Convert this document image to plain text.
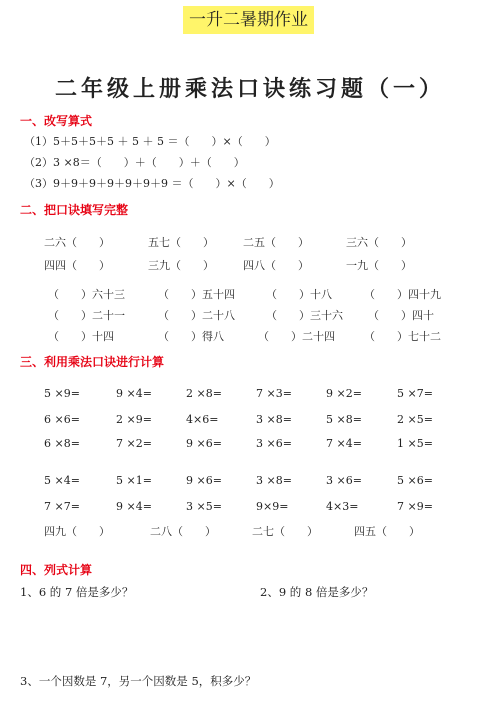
一升二暑期作业
二年级上册乘法口诀练习题（一）
一、改写算式
（1）5＋5＋5＋5 ＋ 5 ＋ 5 ＝（　　）×（　　）
（2）3 ×8＝（　　）＋（　　）＋（　　）
（3）9＋9＋9＋9＋9＋9＋9 ＝（　　）×（　　）
二、把口诀填写完整
二六（　　）	五七（　　）	二五（　　）	三六（　　）
四四（　　）	三九（　　）	四八（　　）	一九（　　）
（　　）六十三	（　　）五十四	（　　）十八	（　　）四十九
（　　）二十一	（　　）二十八	（　　）三十六 （　　）四十
（　　）十四	（　　）得八	（　　）二十四	（　　）七十二
三、利用乘法口诀进行计算
5 ×9=	9 ×4=	2 ×8=	7 ×3=	9 ×2=	5 ×7=
6 ×6=	2 ×9=	4×6=	3 ×8=	5 ×8=	2 ×5=
6 ×8=	7 ×2=	9 ×6=	3 ×6=	7 ×4=	1 ×5=
5 ×4=	5 ×1=	9 ×6=	3 ×8=	3 ×6=	5 ×6=
7 ×7=	9 ×4=	3 ×5=	9×9=	4×3=	7 ×9=
四九（　　）	二八（　　）	二七（　　）	四五（　　）
四、列式计算
1、6 的 7 倍是多少？	2、9 的 8 倍是多少？
3、一个因数是 7，另一个因数是 5，积多少？
